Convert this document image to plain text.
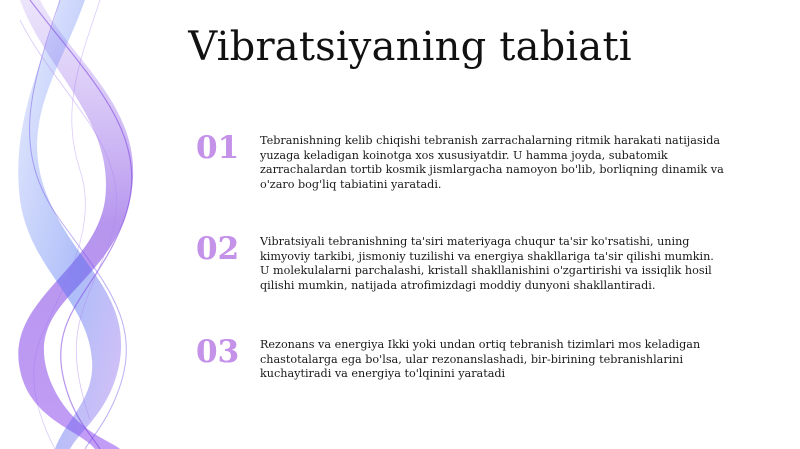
Vibratsiyaning tabiati
01	Tebranishning kelib chiqishi tebranish zarrachalarning ritmik harakati natijasida yuzaga keladigan koinotga xos xususiyatdir. U hamma joyda, subatomik zarrachalardan tortib kosmik jismlargacha namoyon bo'lib, borliqning dinamik va o'zaro bog'liq tabiatini yaratadi.

02	Vibratsiyali tebranishning ta'siri materiyaga chuqur ta'sir ko'rsatishi, uning kimyoviy tarkibi, jismoniy tuzilishi va energiya shakllariga ta'sir qilishi mumkin. U molekulalarni parchalashi, kristall shakllanishini o'zgartirishi va issiqlik hosil qilishi mumkin, natijada atrofimizdagi moddiy dunyoni shakllantiradi.

03	Rezonans va energiya Ikki yoki undan ortiq tebranish tizimlari mos keladigan chastotalarga ega bo'lsa, ular rezonanslashadi, bir-birining tebranishlarini kuchaytiradi va energiya to'lqinini yaratadi
